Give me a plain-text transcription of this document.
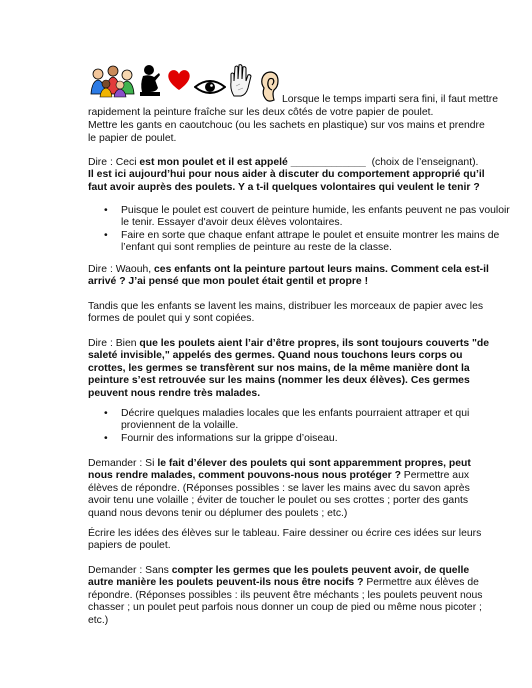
Lorsque le temps imparti sera fini, il faut mettre

rapidement la peinture fraîche sur les deux côtés de votre papier de poulet.

Mettre les gants en caoutchouc (ou les sachets en plastique) sur vos mains et prendre

le papier de poulet.

Dire : Ceci est mon poulet et il est appelé _____________ (choix de l’enseignant).

Il est ici aujourd’hui pour nous aider à discuter du comportement approprié qu’il

faut avoir auprès des poulets. Y a t-il quelques volontaires qui veulent le tenir ?

• Puisque le poulet est couvert de peinture humide, les enfants peuvent ne pas vouloir le tenir. Essayer d'avoir deux élèves volontaires.
• Faire en sorte que chaque enfant attrape le poulet et ensuite montrer les mains de l’enfant qui sont remplies de peinture au reste de la classe.

Dire : Waouh, ces enfants ont la peinture partout leurs mains. Comment cela est-il

arrivé ? J’ai pensé que mon poulet était gentil et propre !

Tandis que les enfants se lavent les mains, distribuer les morceaux de papier avec les

formes de poulet qui y sont copiées.

Dire : Bien que les poulets aient l’air d’être propres, ils sont toujours couverts "de

saleté invisible," appelés des germes. Quand nous touchons leurs corps ou

crottes, les germes se transfèrent sur nos mains, de la même manière dont la

peinture s’est retrouvée sur les mains (nommer les deux élèves). Ces germes

peuvent nous rendre très malades.

• Décrire quelques maladies locales que les enfants pourraient attraper et qui proviennent de la volaille.
• Fournir des informations sur la grippe d’oiseau.

Demander : Si le fait d’élever des poulets qui sont apparemment propres, peut

nous rendre malades, comment pouvons-nous nous protéger ? Permettre aux

élèves de répondre. (Réponses possibles : se laver les mains avec du savon après

avoir tenu une volaille ; éviter de toucher le poulet ou ses crottes ; porter des gants

quand nous devons tenir ou déplumer des poulets ; etc.)

Écrire les idées des élèves sur le tableau. Faire dessiner ou écrire ces idées sur leurs

papiers de poulet.

Demander : Sans compter les germes que les poulets peuvent avoir, de quelle

autre manière les poulets peuvent-ils nous être nocifs ? Permettre aux élèves de

répondre. (Réponses possibles : ils peuvent être méchants ; les poulets peuvent nous

chasser ; un poulet peut parfois nous donner un coup de pied ou même nous picoter ;

etc.)
